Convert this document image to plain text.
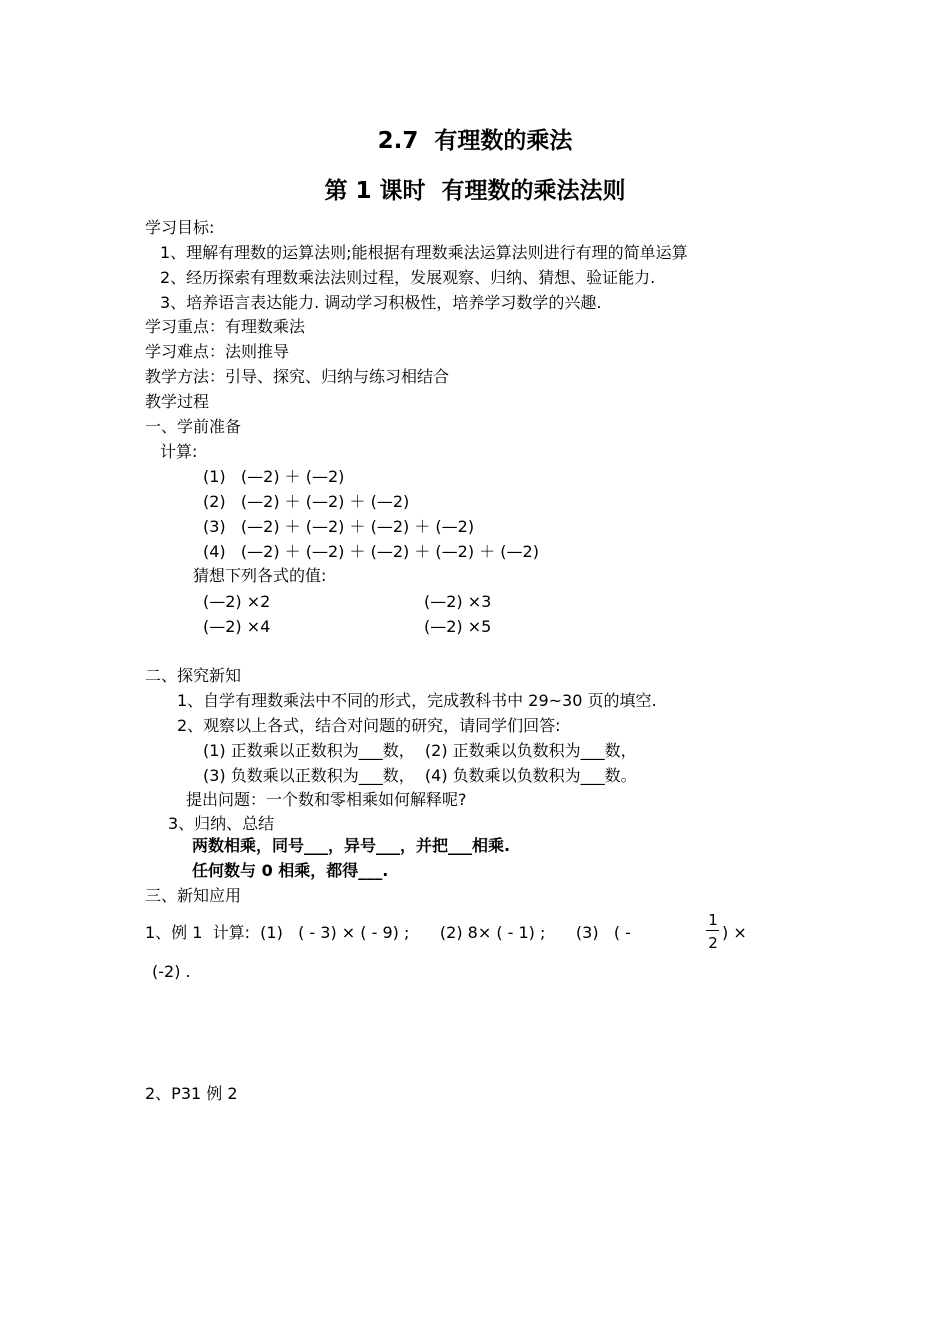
2.7  有理数的乘法
第 1 课时  有理数的乘法法则
学习目标:
1、理解有理数的运算法则;能根据有理数乘法运算法则进行有理的简单运算
2、经历探索有理数乘法法则过程，发展观察、归纳、猜想、验证能力.
3、培养语言表达能力. 调动学习积极性，培养学习数学的兴趣.
学习重点：有理数乘法
学习难点：法则推导
教学方法：引导、探究、归纳与练习相结合
教学过程
一、学前准备
计算:
(1)   (—2) ＋ (—2)
(2)   (—2) ＋ (—2) ＋ (—2)
(3)   (—2) ＋ (—2) ＋ (—2) ＋ (—2)
(4)   (—2) ＋ (—2) ＋ (—2) ＋ (—2) ＋ (—2)
猜想下列各式的值:
(—2) ×2	(—2) ×3
(—2) ×4	(—2) ×5
二、探究新知
1、自学有理数乘法中不同的形式，完成教科书中 29~30 页的填空.
2、观察以上各式，结合对问题的研究，请同学们回答:
(1) 正数乘以正数积为___数，  (2) 正数乘以负数积为___数，
(3) 负数乘以正数积为___数，  (4) 负数乘以负数积为___数。
提出问题：一个数和零相乘如何解释呢?
3、归纳、总结
两数相乘，同号___，异号___，并把___相乘.
任何数与 0 相乘，都得___.
三、新知应用
1、例 1  计算:  (1)   ( - 3) × ( - 9) ;      (2) 8× ( - 1) ;      (3)   ( -
1
2
) ×
(-2) .
2、P31 例 2
